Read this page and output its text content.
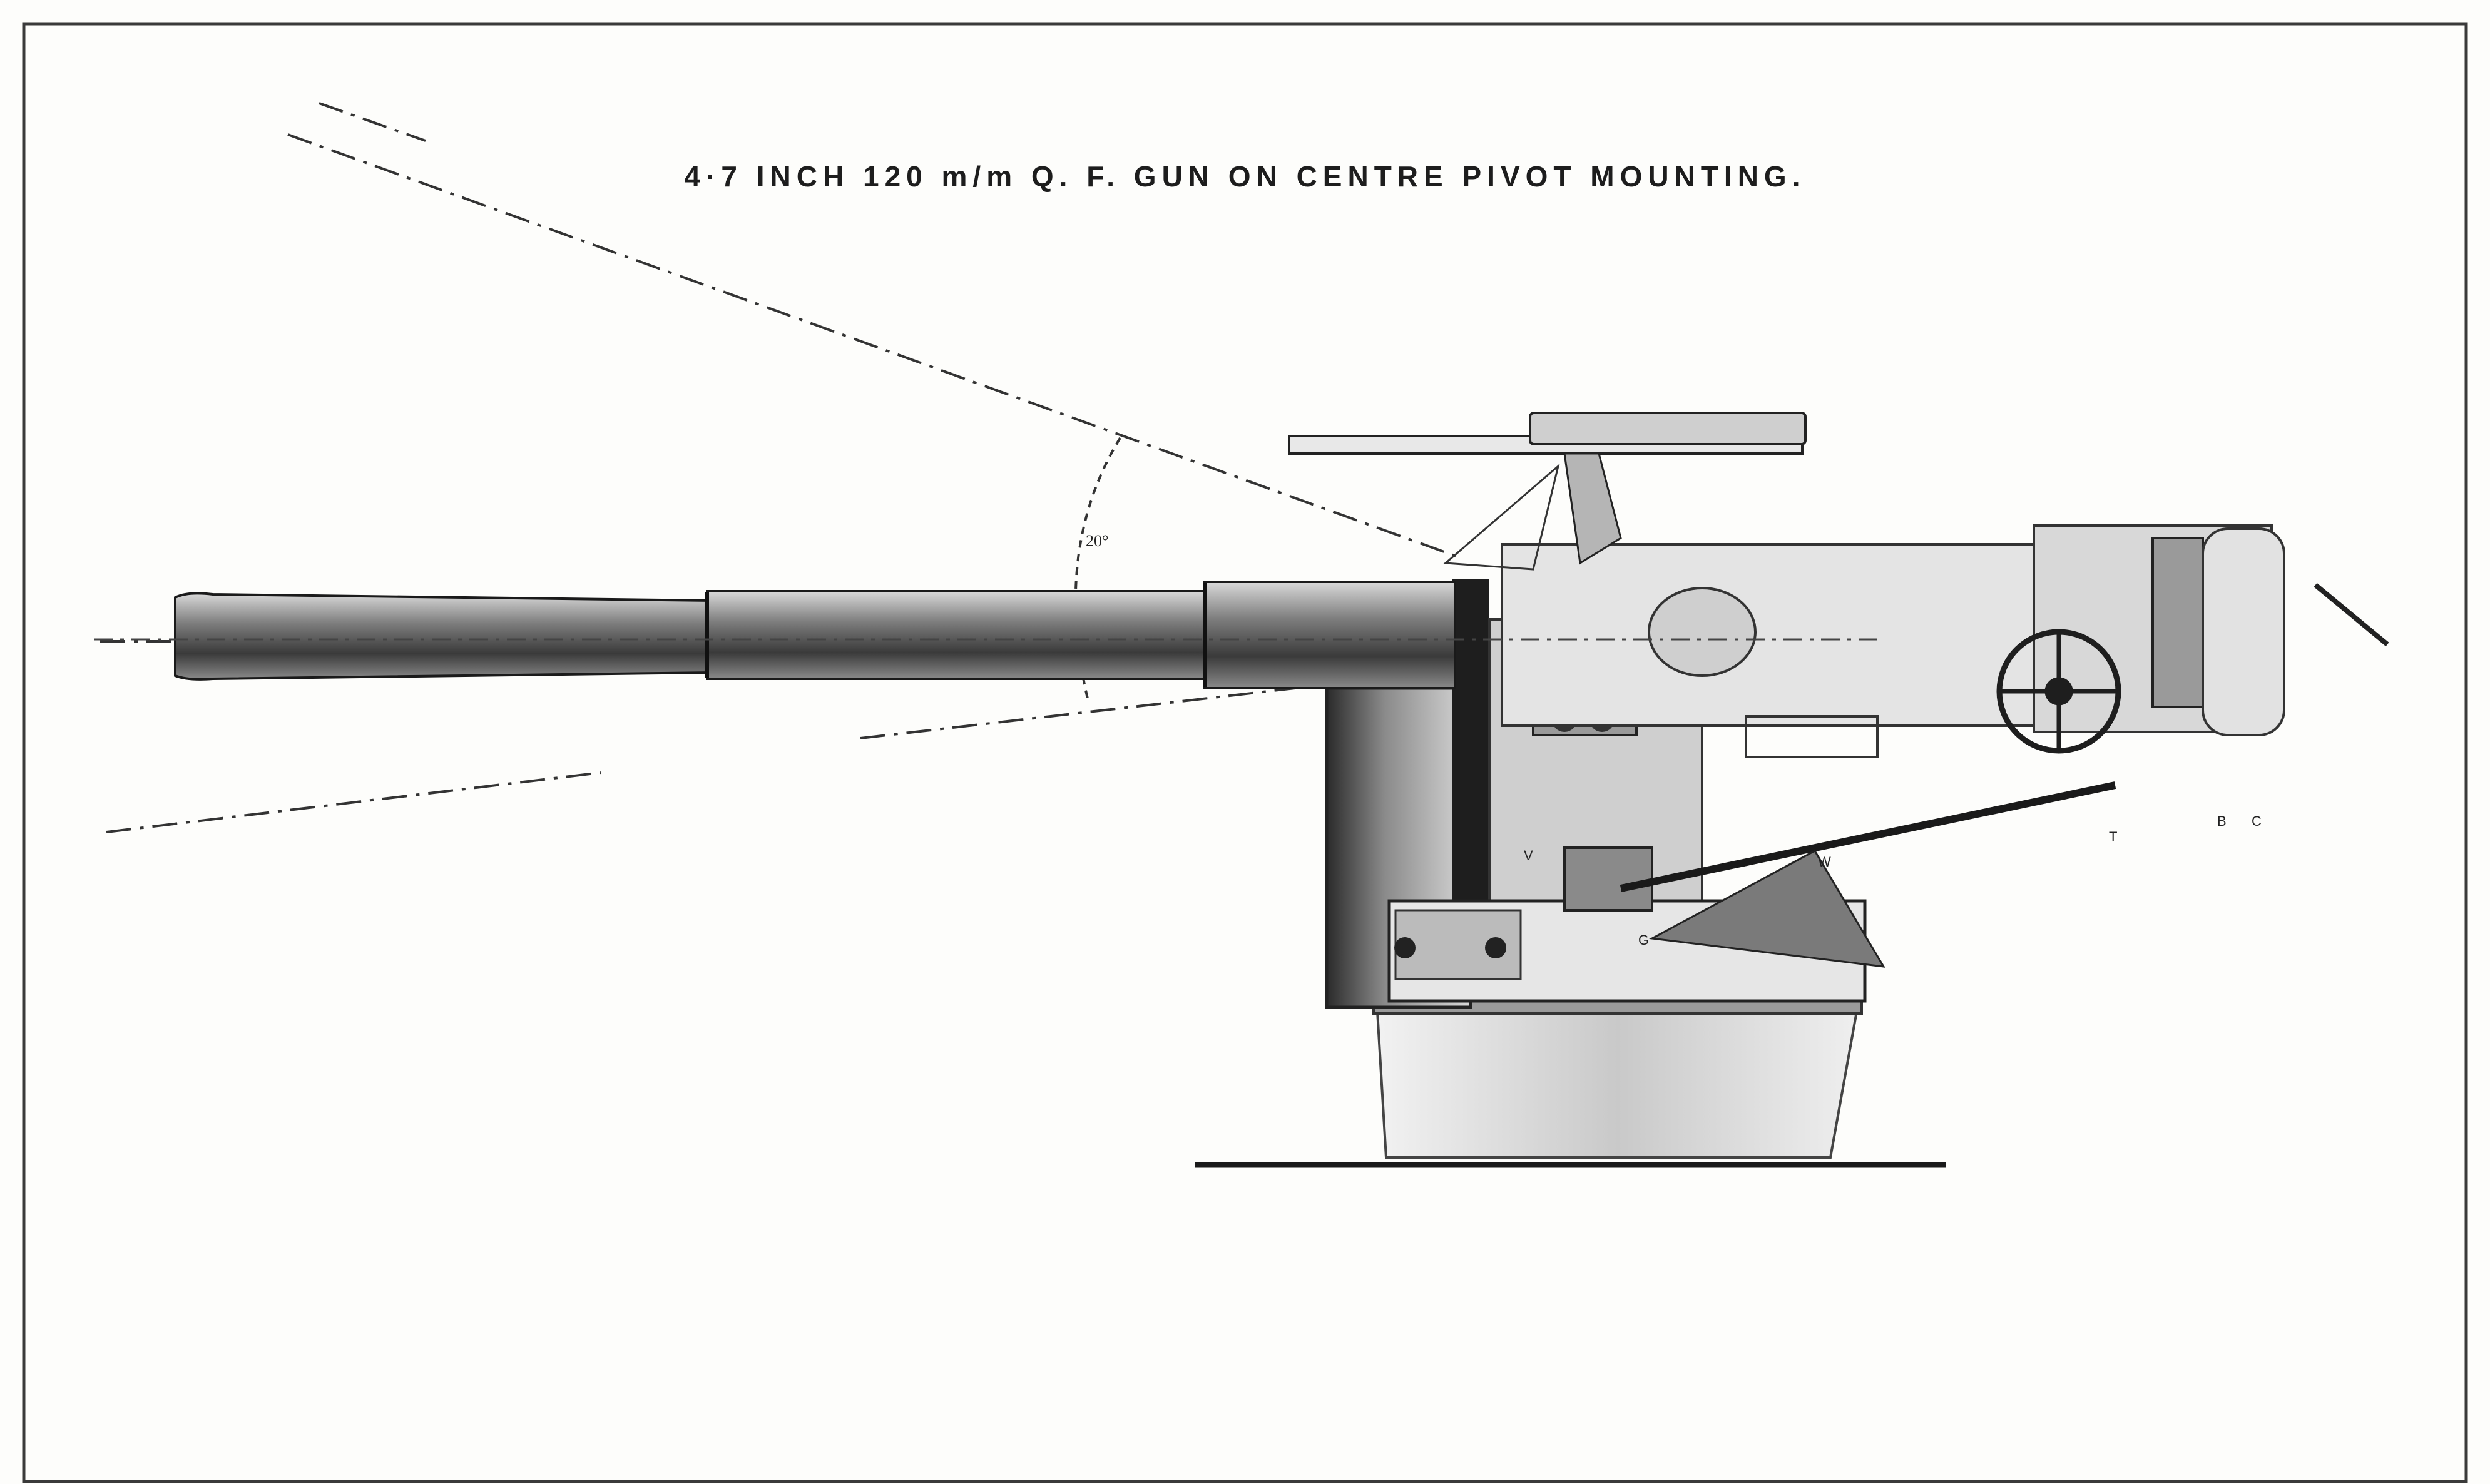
20°
B C
T
W
G
V
4·7 INCH 120 m/m Q. F. GUN ON CENTRE PIVOT MOUNTING.
